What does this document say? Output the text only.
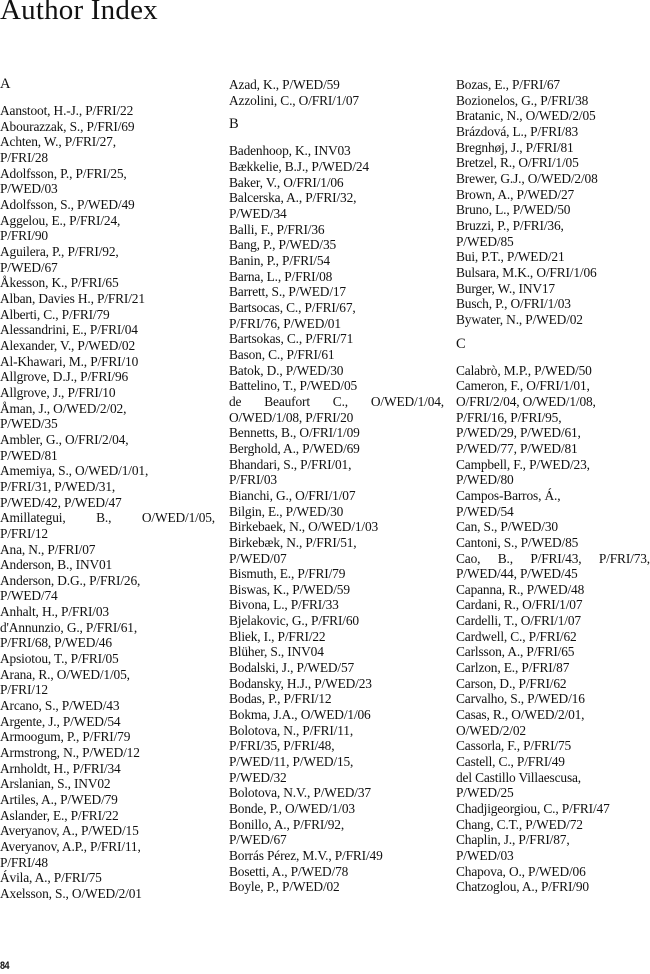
Author Index
A
Aanstoot, H.-J., P/FRI/22
Abourazzak, S., P/FRI/69
Achten, W., P/FRI/27,
P/FRI/28
Adolfsson, P., P/FRI/25,
P/WED/03
Adolfsson, S., P/WED/49
Aggelou, E., P/FRI/24,
P/FRI/90
Aguilera, P., P/FRI/92,
P/WED/67
Åkesson, K., P/FRI/65
Alban, Davies H., P/FRI/21
Alberti, C., P/FRI/79
Alessandrini, E., P/FRI/04
Alexander, V., P/WED/02
Al-Khawari, M., P/FRI/10
Allgrove, D.J., P/FRI/96
Allgrove, J., P/FRI/10
Åman, J., O/WED/2/02,
P/WED/35
Ambler, G., O/FRI/2/04,
P/WED/81
Amemiya, S., O/WED/1/01,
P/FRI/31, P/WED/31,
P/WED/42, P/WED/47
Amillategui, B., O/WED/1/05,
P/FRI/12
Ana, N., P/FRI/07
Anderson, B., INV01
Anderson, D.G., P/FRI/26,
P/WED/74
Anhalt, H., P/FRI/03
d'Annunzio, G., P/FRI/61,
P/FRI/68, P/WED/46
Apsiotou, T., P/FRI/05
Arana, R., O/WED/1/05,
P/FRI/12
Arcano, S., P/WED/43
Argente, J., P/WED/54
Armoogum, P., P/FRI/79
Armstrong, N., P/WED/12
Arnholdt, H., P/FRI/34
Arslanian, S., INV02
Artiles, A., P/WED/79
Aslander, E., P/FRI/22
Averyanov, A., P/WED/15
Averyanov, A.P., P/FRI/11,
P/FRI/48
Ávila, A., P/FRI/75
Axelsson, S., O/WED/2/01
Azad, K., P/WED/59
Azzolini, C., O/FRI/1/07
B
Badenhoop, K., INV03
Bækkelie, B.J., P/WED/24
Baker, V., O/FRI/1/06
Balcerska, A., P/FRI/32,
P/WED/34
Balli, F., P/FRI/36
Bang, P., P/WED/35
Banin, P., P/FRI/54
Barna, L., P/FRI/08
Barrett, S., P/WED/17
Bartsocas, C., P/FRI/67,
P/FRI/76, P/WED/01
Bartsokas, C., P/FRI/71
Bason, C., P/FRI/61
Batok, D., P/WED/30
Battelino, T., P/WED/05
de Beaufort C., O/WED/1/04,
O/WED/1/08, P/FRI/20
Bennetts, B., O/FRI/1/09
Berghold, A., P/WED/69
Bhandari, S., P/FRI/01,
P/FRI/03
Bianchi, G., O/FRI/1/07
Bilgin, E., P/WED/30
Birkebaek, N., O/WED/1/03
Birkebæk, N., P/FRI/51,
P/WED/07
Bismuth, E., P/FRI/79
Biswas, K., P/WED/59
Bivona, L., P/FRI/33
Bjelakovic, G., P/FRI/60
Bliek, I., P/FRI/22
Blüher, S., INV04
Bodalski, J., P/WED/57
Bodansky, H.J., P/WED/23
Bodas, P., P/FRI/12
Bokma, J.A., O/WED/1/06
Bolotova, N., P/FRI/11,
P/FRI/35, P/FRI/48,
P/WED/11, P/WED/15,
P/WED/32
Bolotova, N.V., P/WED/37
Bonde, P., O/WED/1/03
Bonillo, A., P/FRI/92,
P/WED/67
Borrás Pérez, M.V., P/FRI/49
Bosetti, A., P/WED/78
Boyle, P., P/WED/02
Bozas, E., P/FRI/67
Bozionelos, G., P/FRI/38
Bratanic, N., O/WED/2/05
Brázdová, L., P/FRI/83
Bregnhøj, J., P/FRI/81
Bretzel, R., O/FRI/1/05
Brewer, G.J., O/WED/2/08
Brown, A., P/WED/27
Bruno, L., P/WED/50
Bruzzi, P., P/FRI/36,
P/WED/85
Bui, P.T., P/WED/21
Bulsara, M.K., O/FRI/1/06
Burger, W., INV17
Busch, P., O/FRI/1/03
Bywater, N., P/WED/02
C
Calabrò, M.P., P/WED/50
Cameron, F., O/FRI/1/01,
O/FRI/2/04, O/WED/1/08,
P/FRI/16, P/FRI/95,
P/WED/29, P/WED/61,
P/WED/77, P/WED/81
Campbell, F., P/WED/23,
P/WED/80
Campos-Barros, Á.,
P/WED/54
Can, S., P/WED/30
Cantoni, S., P/WED/85
Cao, B., P/FRI/43, P/FRI/73,
P/WED/44, P/WED/45
Capanna, R., P/WED/48
Cardani, R., O/FRI/1/07
Cardelli, T., O/FRI/1/07
Cardwell, C., P/FRI/62
Carlsson, A., P/FRI/65
Carlzon, E., P/FRI/87
Carson, D., P/FRI/62
Carvalho, S., P/WED/16
Casas, R., O/WED/2/01,
O/WED/2/02
Cassorla, F., P/FRI/75
Castell, C., P/FRI/49
del Castillo Villaescusa,
P/WED/25
Chadjigeorgiou, C., P/FRI/47
Chang, C.T., P/WED/72
Chaplin, J., P/FRI/87,
P/WED/03
Chapova, O., P/WED/06
Chatzoglou, A., P/FRI/90
84
